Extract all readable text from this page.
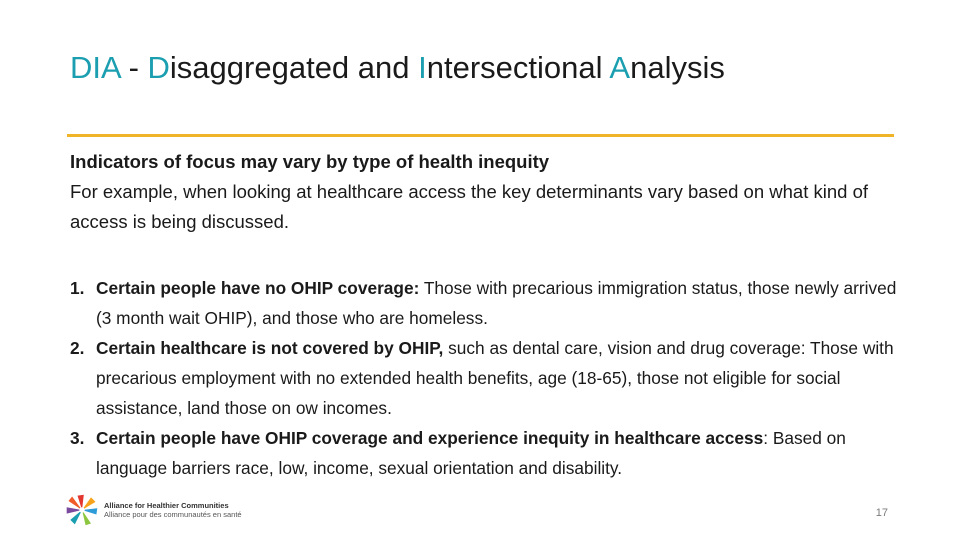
DIA - Disaggregated and Intersectional Analysis

Indicators of focus may vary by type of health inequity

For example, when looking at healthcare access the key determinants vary based on what kind of access is being discussed.

1. Certain people have no OHIP coverage: Those with precarious immigration status, those newly arrived (3 month wait OHIP), and those who are homeless.
2. Certain healthcare is not covered by OHIP, such as dental care, vision and drug coverage: Those with precarious employment with no extended health benefits, age (18-65), those not eligible for social assistance, land those on ow incomes.
3. Certain people have OHIP coverage and experience inequity in healthcare access: Based on language barriers race, low, income, sexual orientation and disability.
Alliance for Healthier Communities
Alliance pour des communautés en santé	17
